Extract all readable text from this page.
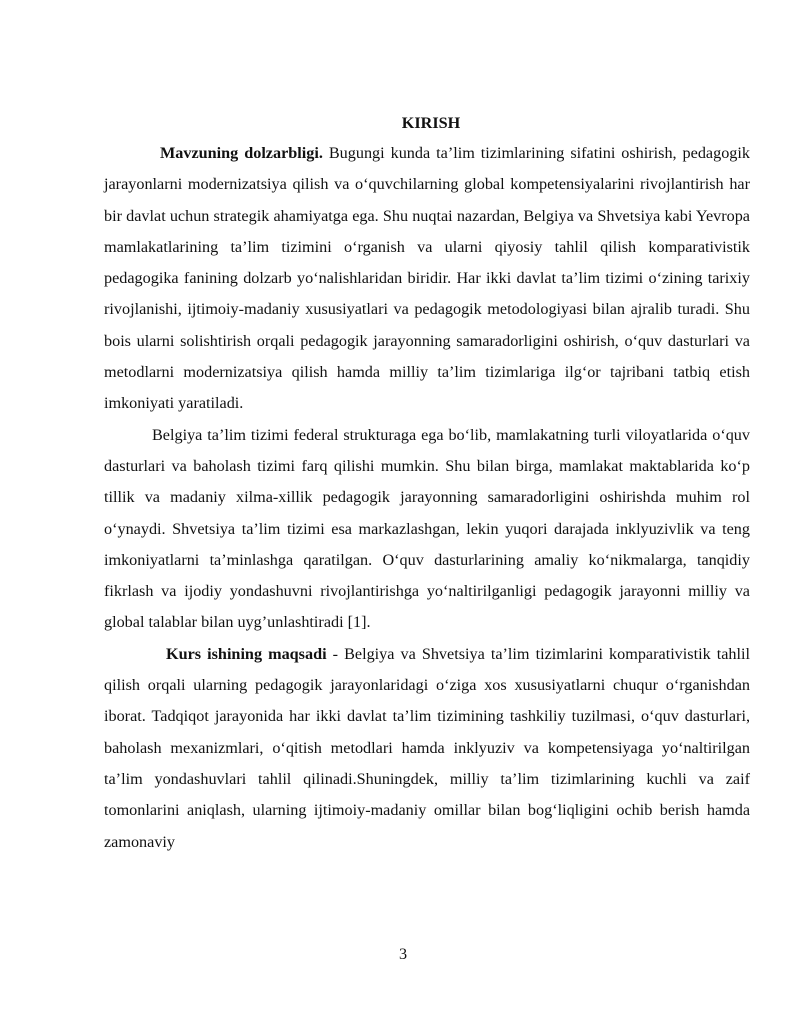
KIRISH

Mavzuning dolzarbligi. Bugungi kunda ta’lim tizimlarining sifatini oshirish, pedagogik jarayonlarni modernizatsiya qilish va o‘quvchilarning global kompetensiyalarini rivojlantirish har bir davlat uchun strategik ahamiyatga ega. Shu nuqtai nazardan, Belgiya va Shvetsiya kabi Yevropa mamlakatlarining ta’lim tizimini o‘rganish va ularni qiyosiy tahlil qilish komparativistik pedagogika fanining dolzarb yo‘nalishlaridan biridir. Har ikki davlat ta’lim tizimi o‘zining tarixiy rivojlanishi, ijtimoiy-madaniy xususiyatlari va pedagogik metodologiyasi bilan ajralib turadi. Shu bois ularni solishtirish orqali pedagogik jarayonning samaradorligini oshirish, o‘quv dasturlari va metodlarni modernizatsiya qilish hamda milliy ta’lim tizimlariga ilg‘or tajribani tatbiq etish imkoniyati yaratiladi.

Belgiya ta’lim tizimi federal strukturaga ega bo‘lib, mamlakatning turli viloyatlarida o‘quv dasturlari va baholash tizimi farq qilishi mumkin. Shu bilan birga, mamlakat maktablarida ko‘p tillik va madaniy xilma-xillik pedagogik jarayonning samaradorligini oshirishda muhim rol o‘ynaydi. Shvetsiya ta’lim tizimi esa markazlashgan, lekin yuqori darajada inklyuzivlik va teng imkoniyatlarni ta’minlashga qaratilgan. O‘quv dasturlarining amaliy ko‘nikmalarga, tanqidiy fikrlash va ijodiy yondashuvni rivojlantirishga yo‘naltirilganligi pedagogik jarayonni milliy va global talablar bilan uyg’unlashtiradi [1].

Kurs ishining maqsadi - Belgiya va Shvetsiya ta’lim tizimlarini komparativistik tahlil qilish orqali ularning pedagogik jarayonlaridagi o‘ziga xos xususiyatlarni chuqur o‘rganishdan iborat. Tadqiqot jarayonida har ikki davlat ta’lim tizimining tashkiliy tuzilmasi, o‘quv dasturlari, baholash mexanizmlari, o‘qitish metodlari hamda inklyuziv va kompetensiyaga yo‘naltirilgan ta’lim yondashuvlari tahlil qilinadi.Shuningdek, milliy ta’lim tizimlarining kuchli va zaif tomonlarini aniqlash, ularning ijtimoiy-madaniy omillar bilan bog‘liqligini ochib berish hamda zamonaviy

3
